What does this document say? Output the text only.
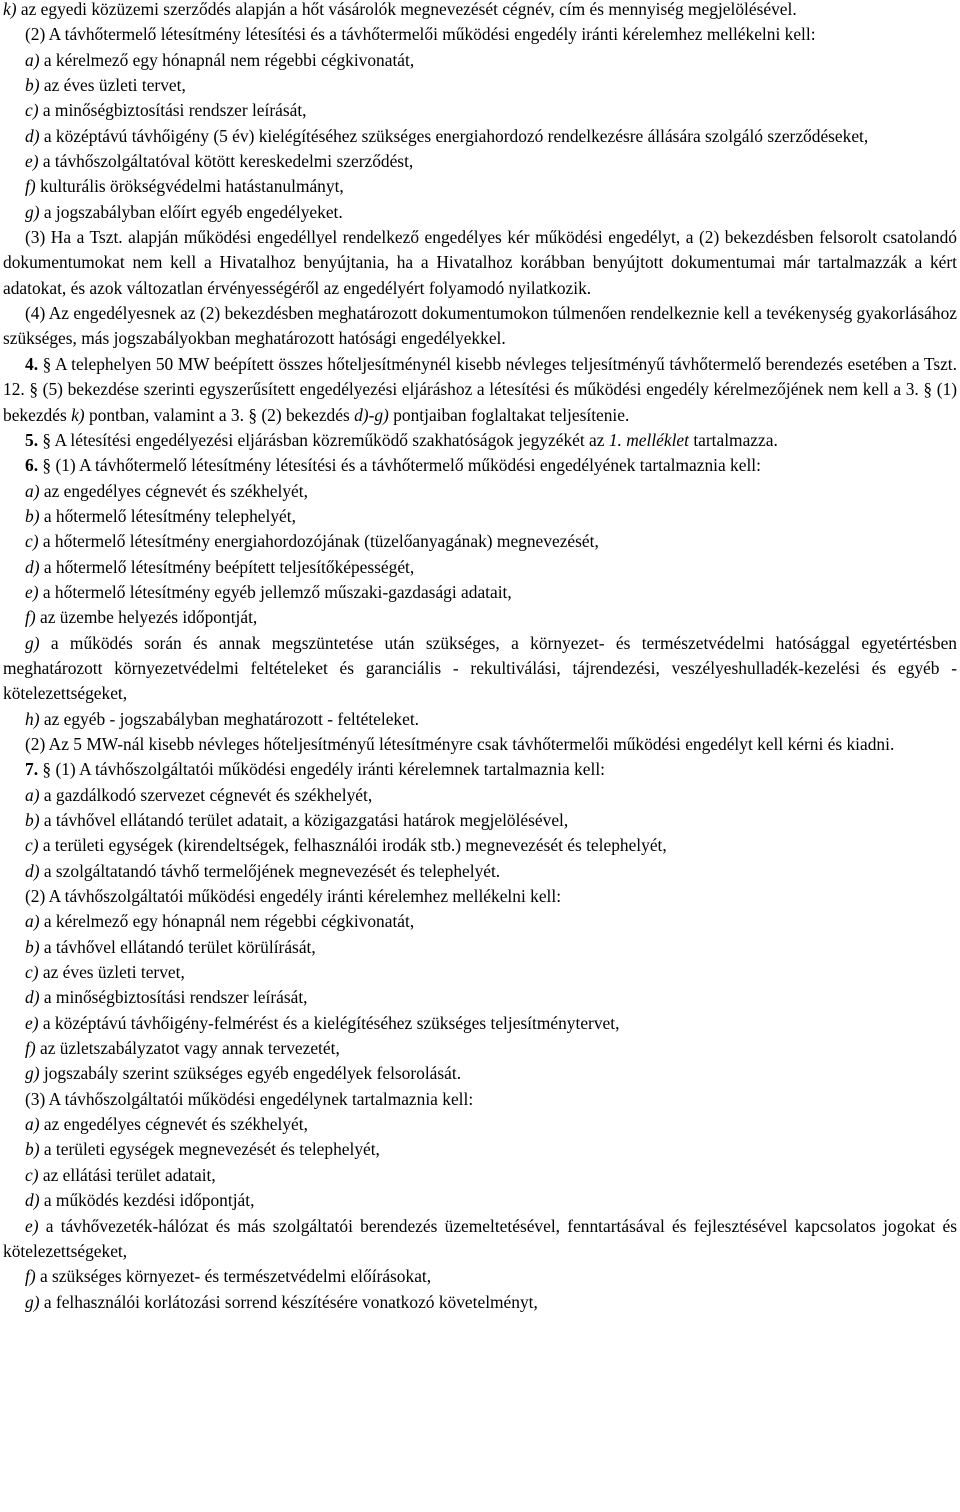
k) az egyedi közüzemi szerződés alapján a hőt vásárolók megnevezését cégnév, cím és mennyiség megjelölésével.

(2) A távhőtermelő létesítmény létesítési és a távhőtermelői működési engedély iránti kérelemhez mellékelni kell:

a) a kérelmező egy hónapnál nem régebbi cégkivonatát,

b) az éves üzleti tervet,

c) a minőségbiztosítási rendszer leírását,

d) a középtávú távhőigény (5 év) kielégítéséhez szükséges energiahordozó rendelkezésre állására szolgáló szerződéseket,

e) a távhőszolgáltatóval kötött kereskedelmi szerződést,

f) kulturális örökségvédelmi hatástanulmányt,

g) a jogszabályban előírt egyéb engedélyeket.

(3) Ha a Tszt. alapján működési engedéllyel rendelkező engedélyes kér működési engedélyt, a (2) bekezdésben felsorolt csatolandó dokumentumokat nem kell a Hivatalhoz benyújtania, ha a Hivatalhoz korábban benyújtott dokumentumai már tartalmazzák a kért adatokat, és azok változatlan érvényességéről az engedélyért folyamodó nyilatkozik.

(4) Az engedélyesnek az (2) bekezdésben meghatározott dokumentumokon túlmenően rendelkeznie kell a tevékenység gyakorlásához szükséges, más jogszabályokban meghatározott hatósági engedélyekkel.

4. § A telephelyen 50 MW beépített összes hőteljesítménynél kisebb névleges teljesítményű távhőtermelő berendezés esetében a Tszt. 12. § (5) bekezdése szerinti egyszerűsített engedélyezési eljáráshoz a létesítési és működési engedély kérelmezőjének nem kell a 3. § (1) bekezdés k) pontban, valamint a 3. § (2) bekezdés d)-g) pontjaiban foglaltakat teljesítenie.

5. § A létesítési engedélyezési eljárásban közreműködő szakhatóságok jegyzékét az 1. melléklet tartalmazza.

6. § (1) A távhőtermelő létesítmény létesítési és a távhőtermelő működési engedélyének tartalmaznia kell:

a) az engedélyes cégnevét és székhelyét,

b) a hőtermelő létesítmény telephelyét,

c) a hőtermelő létesítmény energiahordozójának (tüzelőanyagának) megnevezését,

d) a hőtermelő létesítmény beépített teljesítőképességét,

e) a hőtermelő létesítmény egyéb jellemző műszaki-gazdasági adatait,

f) az üzembe helyezés időpontját,

g) a működés során és annak megszüntetése után szükséges, a környezet- és természetvédelmi hatósággal egyetértésben meghatározott környezetvédelmi feltételeket és garanciális - rekultiválási, tájrendezési, veszélyeshulladék-kezelési és egyéb - kötelezettségeket,

h) az egyéb - jogszabályban meghatározott - feltételeket.

(2) Az 5 MW-nál kisebb névleges hőteljesítményű létesítményre csak távhőtermelői működési engedélyt kell kérni és kiadni.

7. § (1) A távhőszolgáltatói működési engedély iránti kérelemnek tartalmaznia kell:

a) a gazdálkodó szervezet cégnevét és székhelyét,

b) a távhővel ellátandó terület adatait, a közigazgatási határok megjelölésével,

c) a területi egységek (kirendeltségek, felhasználói irodák stb.) megnevezését és telephelyét,

d) a szolgáltatandó távhő termelőjének megnevezését és telephelyét.

(2) A távhőszolgáltatói működési engedély iránti kérelemhez mellékelni kell:

a) a kérelmező egy hónapnál nem régebbi cégkivonatát,

b) a távhővel ellátandó terület körülírását,

c) az éves üzleti tervet,

d) a minőségbiztosítási rendszer leírását,

e) a középtávú távhőigény-felmérést és a kielégítéséhez szükséges teljesítménytervet,

f) az üzletszabályzatot vagy annak tervezetét,

g) jogszabály szerint szükséges egyéb engedélyek felsorolását.

(3) A távhőszolgáltatói működési engedélynek tartalmaznia kell:

a) az engedélyes cégnevét és székhelyét,

b) a területi egységek megnevezését és telephelyét,

c) az ellátási terület adatait,

d) a működés kezdési időpontját,

e) a távhővezeték-hálózat és más szolgáltatói berendezés üzemeltetésével, fenntartásával és fejlesztésével kapcsolatos jogokat és kötelezettségeket,

f) a szükséges környezet- és természetvédelmi előírásokat,

g) a felhasználói korlátozási sorrend készítésére vonatkozó követelményt,
